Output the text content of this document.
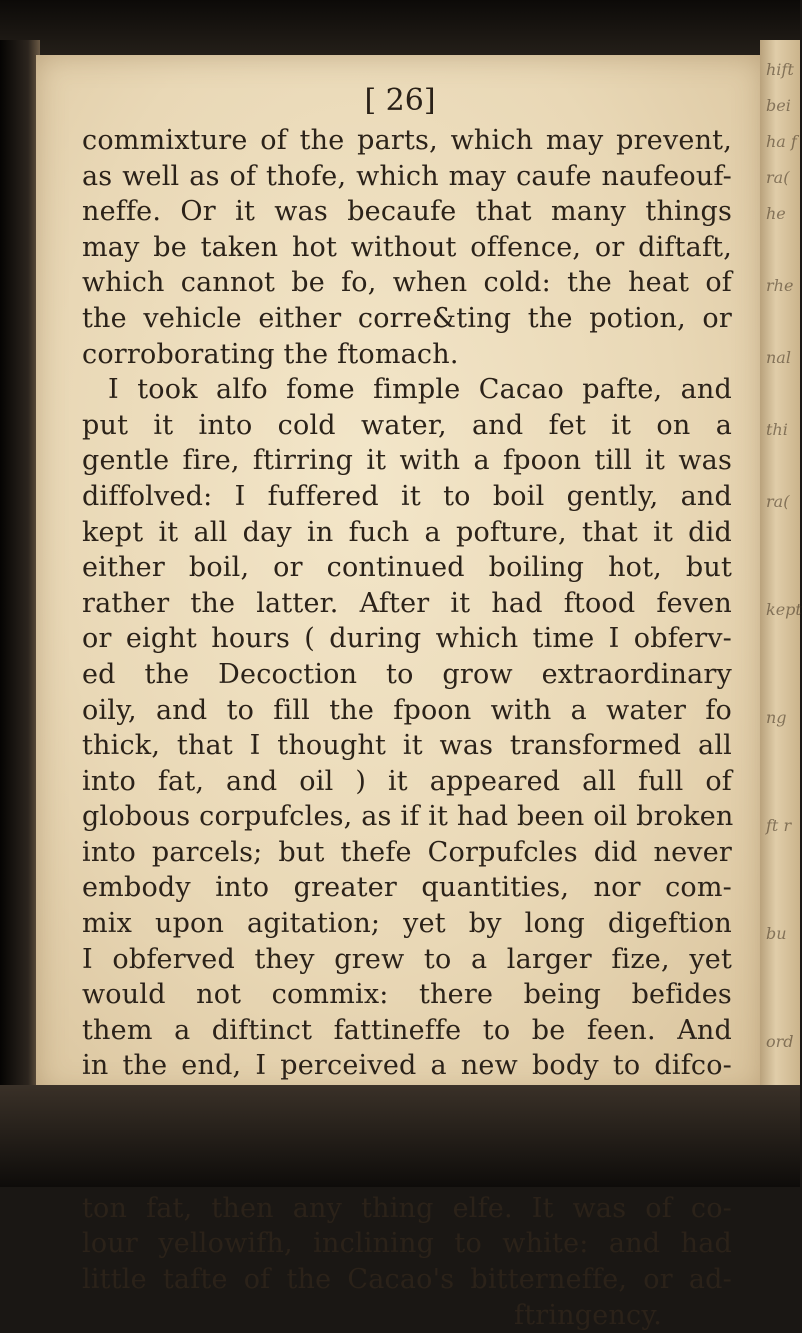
[ 26]
commixture of the parts, which may prevent,
as well as of thofe, which may caufe naufeouf-
neffe. Or it was becaufe that many things
may be taken hot without offence, or diftaft,
which cannot be fo, when cold: the heat of
the vehicle either corre&ting the potion, or
corroborating the ftomach.
I took alfo fome fimple Cacao pafte, and
put it into cold water, and fet it on a
gentle fire, ftirring it with a fpoon till it was
diffolved: I fuffered it to boil gently, and
kept it all day in fuch a pofture, that it did
either boil, or continued boiling hot, but
rather the latter. After it had ftood feven
or eight hours ( during which time I obferv-
ed the Decoction to grow extraordinary
oily, and to fill the fpoon with a water fo
thick, that I thought it was transformed all
into fat, and oil ) it appeared all full of
globous corpufcles, as if it had been oil broken
into parcels; but thefe Corpufcles did never
embody into greater quantities, nor com-
mix upon agitation; yet by long digeftion
I obferved they grew to a larger fize, yet
would not commix: there being befides
them a diftinct fattineffe to be feen. And
in the end, I perceived a new body to difco-
ton fat, then any thing elfe. It was of co-
lour yellowifh, inclining to white: and had
little tafte of the Cacao's bitterneffe, or ad-
ftringency.
hift
bei
ha f
ra(
he
rhe
nal
thi
ra(
kept
ng
ft r
bu
ord
